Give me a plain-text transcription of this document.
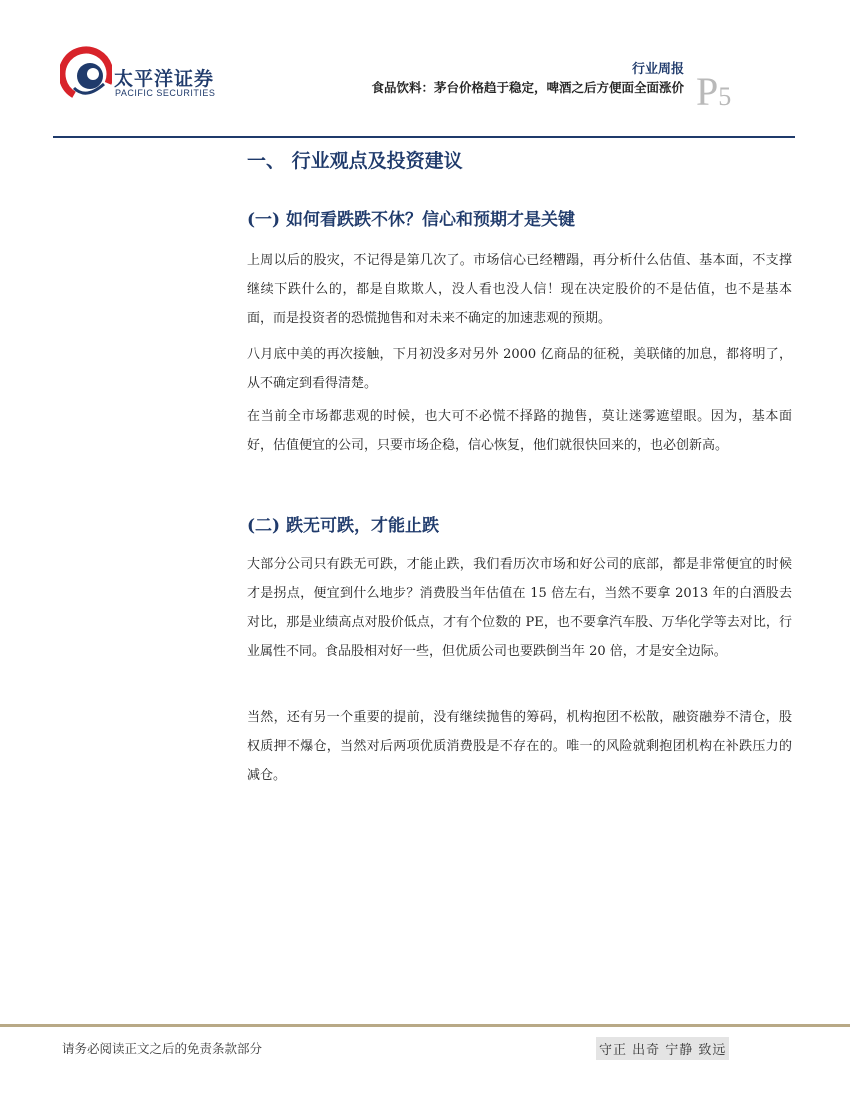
太平洋证券
PACIFIC SECURITIES
行业周报
食品饮料：茅台价格趋于稳定，啤酒之后方便面全面涨价 P5
一、 行业观点及投资建议
(一) 如何看跌跌不休？信心和预期才是关键

上周以后的股灾，不记得是第几次了。市场信心已经糟蹋，再分析什么估值、基本面，不支撑继续下跌什么的，都是自欺欺人，没人看也没人信！现在决定股价的不是估值，也不是基本面，而是投资者的恐慌抛售和对未来不确定的加速悲观的预期。

八月底中美的再次接触，下月初没多对另外 2000 亿商品的征税，美联储的加息，都将明了，从不确定到看得清楚。

在当前全市场都悲观的时候，也大可不必慌不择路的抛售，莫让迷雾遮望眼。因为，基本面好，估值便宜的公司，只要市场企稳，信心恢复，他们就很快回来的，也必创新高。

(二) 跌无可跌，才能止跌

大部分公司只有跌无可跌，才能止跌，我们看历次市场和好公司的底部，都是非常便宜的时候才是拐点，便宜到什么地步？消费股当年估值在 15 倍左右，当然不要拿 2013 年的白酒股去对比，那是业绩高点对股价低点，才有个位数的 PE，也不要拿汽车股、万华化学等去对比，行业属性不同。食品股相对好一些，但优质公司也要跌倒当年 20 倍，才是安全边际。

当然，还有另一个重要的提前，没有继续抛售的筹码，机构抱团不松散，融资融券不清仓，股权质押不爆仓，当然对后两项优质消费股是不存在的。唯一的风险就剩抱团机构在补跌压力的减仓。

请务必阅读正文之后的免责条款部分	守正 出奇 宁静 致远
